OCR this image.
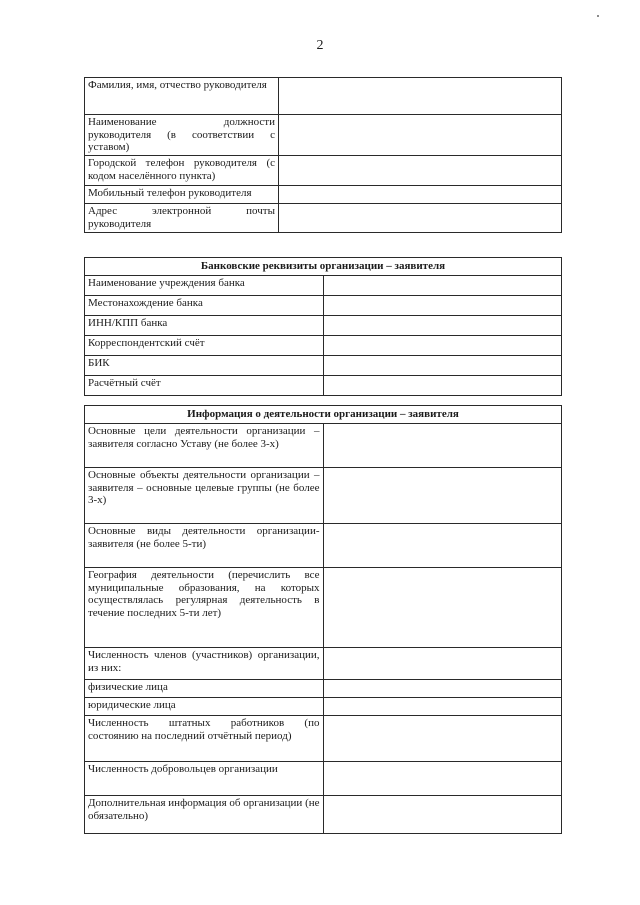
2
Фамилия, имя, отчество руководителя	
Наименование должности руководителя (в соответствии с уставом)	
Городской телефон руководителя (с кодом населённого пункта)	
Мобильный телефон руководителя	
Адрес электронной почты руководителя	
Банковские реквизиты организации – заявителя	
Наименование учреждения банка	
Местонахождение банка	
ИНН/КПП банка	
Корреспондентский счёт	
БИК	
Расчётный счёт	
Информация о деятельности организации – заявителя	
Основные цели деятельности организации – заявителя согласно Уставу (не более 3-х)	
Основные объекты деятельности организации – заявителя – основные целевые группы (не более 3-х)	
Основные виды деятельности организации-заявителя (не более 5-ти)	
География деятельности (перечислить все муниципальные образования, на которых осуществлялась регулярная деятельность в течение последних 5-ти лет)	
Численность членов (участников) организации, из них:	
физические лица	
юридические лица	
Численность штатных работников (по состоянию на последний отчётный период)	
Численность добровольцев организации	
Дополнительная информация об организации (не обязательно)	
